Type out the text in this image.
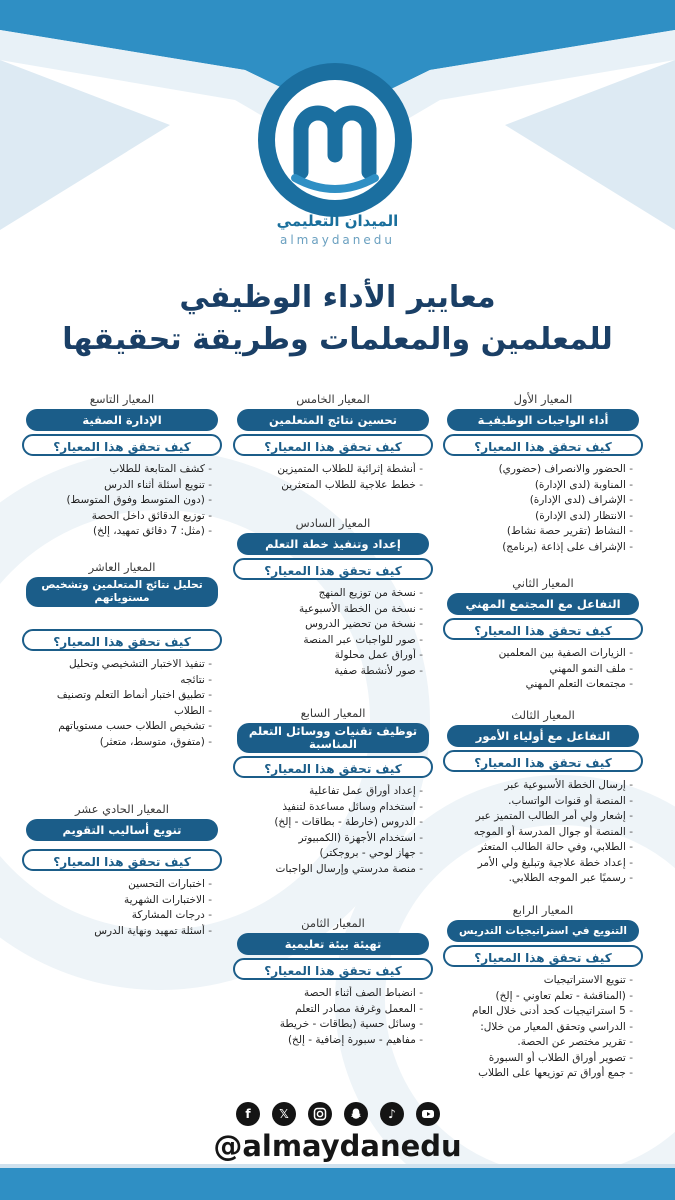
الميدان التعليمي
almaydanedu
معايير الأداء الوظيفي
للمعلمين والمعلمات وطريقة تحقيقها
المعيار الأول
أداء الواجبات الوظيفيـة
كيف تحقق هذا المعيار؟
- الحضور والانصراف (حضوري)
- المناوبة (لدى الإدارة)
- الإشراف (لدى الإدارة)
- الانتظار (لدى الإدارة)
- النشاط (تقرير حصة نشاط)
- الإشراف على إذاعة (برنامج)
المعيار الثاني
التفاعل مع المجتمع المهني
كيف تحقق هذا المعيار؟
- الزيارات الصفية بين المعلمين
- ملف النمو المهني
- مجتمعات التعلم المهني
المعيار الثالث
التفاعل مع أولياء الأمور
كيف تحقق هذا المعيار؟
- إرسال الخطة الأسبوعية عبر
- المنصة أو قنوات الواتساب.
- إشعار ولي أمر الطالب المتميز عبر
- المنصة أو جوال المدرسة أو الموجه
- الطلابي، وفي حالة الطالب المتعثر
- إعداد خطة علاجية وتبليغ ولي الأمر
- رسميًا عبر الموجه الطلابي.
المعيار الرابع
التنويع في استراتيجيات التدريس
كيف تحقق هذا المعيار؟
- تنويع الاستراتيجيات
- (المناقشة - تعلم تعاوني - إلخ)
- 5 استراتيجيات كحد أدنى خلال العام
- الدراسي وتحقق المعيار من خلال:
- تقرير مختصر عن الحصة.
- تصوير أوراق الطلاب أو السبورة
- جمع أوراق تم توزيعها على الطلاب
المعيار الخامس
تحسين نتائج المتعلمين
كيف تحقق هذا المعيار؟
- أنشطة إثرائية للطلاب المتميزين
- خطط علاجية للطلاب المتعثرين
المعيار السادس
إعداد وتنفيذ خطة التعلم
كيف تحقق هذا المعيار؟
- نسخة من توزيع المنهج
- نسخة من الخطة الأسبوعية
- نسخة من تحضير الدروس
- صور للواجبات عبر المنصة
- أوراق عمل محلولة
- صور لأنشطة صفية
المعيار السابع
توظيف تقنيات ووسائل التعلم المناسبة
كيف تحقق هذا المعيار؟
- إعداد أوراق عمل تفاعلية
- استخدام وسائل مساعدة لتنفيذ
- الدروس (خارطة - بطاقات - إلخ)
- استخدام الأجهزة (الكمبيوتر
- جهاز لوحي - بروجكتر)
- منصة مدرستي وإرسال الواجبات
المعيار الثامن
تهيئة بيئة تعليمية
كيف تحقق هذا المعيار؟
- انضباط الصف أثناء الحصة
- المعمل وغرفة مصادر التعلم
- وسائل حسية (بطاقات - خريطة
- مفاهيم - سبورة إضافية - إلخ)
المعيار التاسع
الإدارة الصفية
كيف تحقق هذا المعيار؟
- كشف المتابعة للطلاب
- تنويع أسئلة أثناء الدرس
- (دون المتوسط وفوق المتوسط)
- توزيع الدقائق داخل الحصة
- (مثل: 7 دقائق تمهيد، إلخ)
المعيار العاشر
تحليل نتائج المتعلمين وتشخيص مستوياتهم
كيف تحقق هذا المعيار؟
- تنفيذ الاختبار التشخيصي وتحليل
- نتائجه
- تطبيق اختبار أنماط التعلم وتصنيف
- الطلاب
- تشخيص الطلاب حسب مستوياتهم
- (متفوق، متوسط، متعثر)
المعيار الحادي عشر
تنويع أساليب التقويم
كيف تحقق هذا المعيار؟
- اختبارات التحسين
- الاختبارات الشهرية
- درجات المشاركة
- أسئلة تمهيد ونهاية الدرس
f	𝕏	♪
@almaydanedu
